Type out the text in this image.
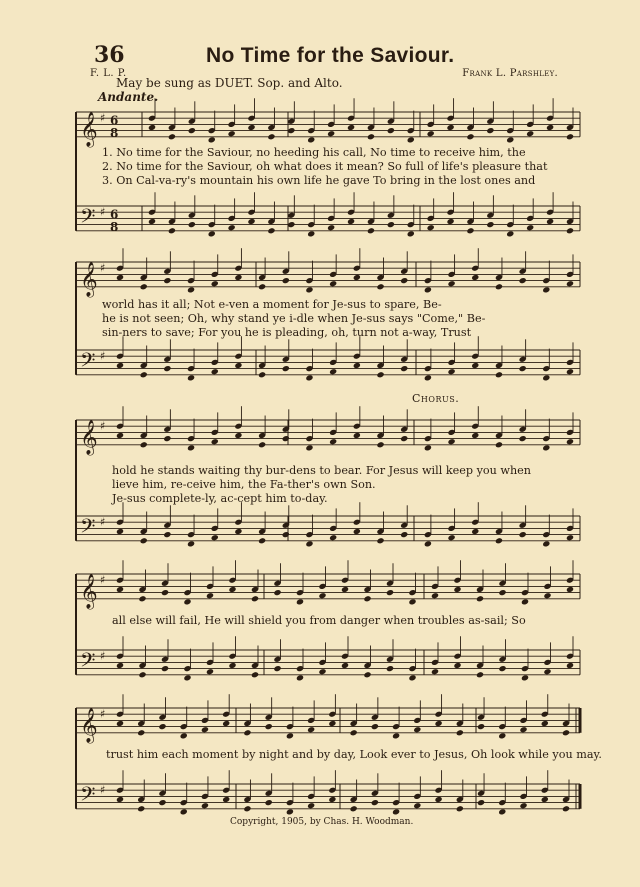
36	No Time for the Saviour.
F. L. P.	Frank L. Parshley.
May be sung as DUET. Sop. and Alto.
Andante.
𝄞 ♯ 6
8
𝄢 ♯ 6
8
𝄞 ♯
𝄢 ♯
𝄞 ♯
𝄢 ♯
𝄞 ♯
𝄢 ♯
𝄞 ♯
𝄢 ♯
1. No time for the Saviour, no heeding his call, No time to receive him, the
2. No time for the Saviour, oh what does it mean? So full of life's pleasure that
3. On Cal-va-ry's mountain his own life he gave To bring in the lost ones and
world has it all; Not e-ven a moment for Je-sus to spare, Be-
he is not seen; Oh, why stand ye i-dle when Je-sus says "Come," Be-
sin-ners to save; For you he is pleading, oh, turn not a-way, Trust
Chorus.
hold he stands waiting thy bur-dens to bear. For Jesus will keep you when
lieve him, re-ceive him, the Fa-ther's own Son.
Je-sus complete-ly, ac-cept him to-day.
all else will fail, He will shield you from danger when troubles as-sail; So
trust him each moment by night and by day, Look ever to Jesus, Oh look while you may.
Copyright, 1905, by Chas. H. Woodman.
